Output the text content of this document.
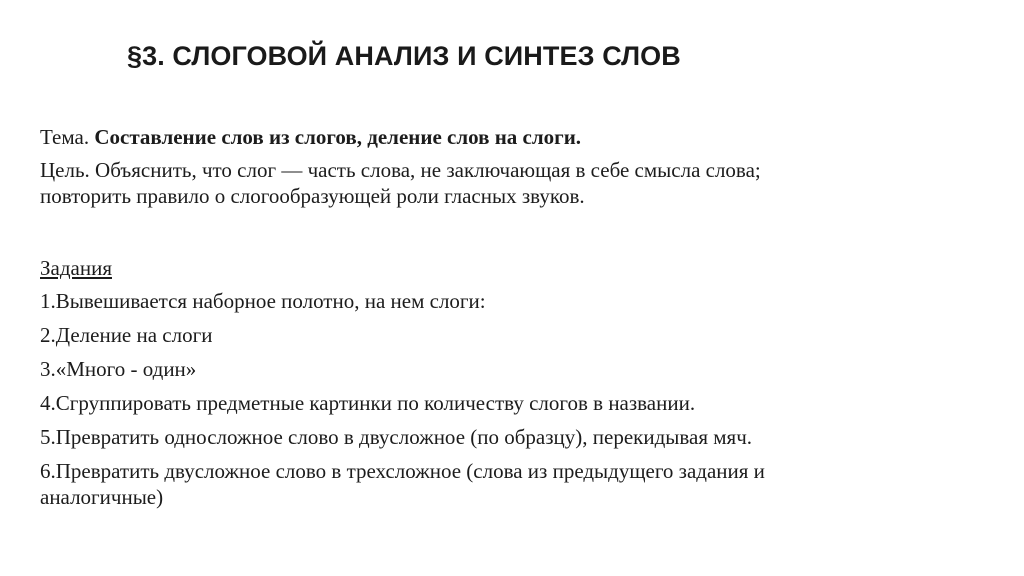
§3. СЛОГОВОЙ АНАЛИЗ И СИНТЕЗ СЛОВ

Тема. Составление слов из слогов, деление слов на слоги.

Цель. Объяснить, что слог — часть слова, не заключающая в себе смысла слова;
повторить правило о слогообразующей роли гласных звуков.

Задания

1.Вывешивается наборное полотно, на нем слоги:

2.Деление на слоги

3.«Много - один»

4.Сгруппировать предметные картинки по количеству слогов в названии.

5.Превратить односложное слово в двусложное (по образцу), перекидывая мяч.

6.Превратить двусложное слово в трехсложное (слова из предыдущего задания и
аналогичные)
